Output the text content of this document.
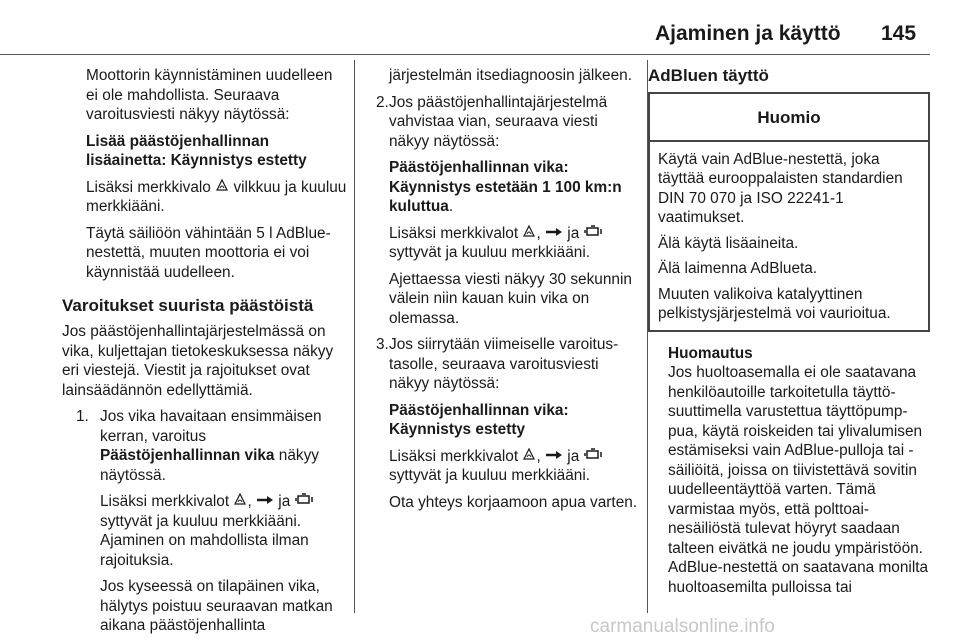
Ajaminen ja käyttö 145

Moottorin käynnistäminen uudelleen ei ole mahdollista. Seuraava varoitusviesti näkyy näytössä:

Lisää päästöjenhallinnan lisäainetta: Käynnistys estetty

Lisäksi merkkivalo vilkkuu ja kuuluu merkkiääni.

Täytä säiliöön vähintään 5 l AdBlue-nestettä, muuten moottoria ei voi käynnistää uudelleen.

Varoitukset suurista päästöistä

Jos päästöjenhallintajärjestelmässä on vika, kuljettajan tietokeskuksessa näkyy eri viestejä. Viestit ja rajoitukset ovat lainsäädännön edellyttämiä.

1. Jos vika havaitaan ensimmäisen kerran, varoitus Päästöjenhallinnan vika näkyy näytössä.

Lisäksi merkkivalot ,  ja  syttyvät ja kuuluu merkkiääni. Ajaminen on mahdollista ilman rajoituksia.

Jos kyseessä on tilapäinen vika, hälytys poistuu seuraavan matkan aikana päästöjenhallinta

järjestelmän itsediagnoosin jälkeen.

2. Jos päästöjenhallintajärjestelmä vahvistaa vian, seuraava viesti näkyy näytössä:

Päästöjenhallinnan vika: Käynnistys estetään 1 100 km:n kuluttua.

Lisäksi merkkivalot ,  ja  syttyvät ja kuuluu merkkiääni.

Ajettaessa viesti näkyy 30 sekunnin välein niin kauan kuin vika on olemassa.

3. Jos siirrytään viimeiselle varoitustasolle, seuraava varoitusviesti näkyy näytössä:

Päästöjenhallinnan vika: Käynnistys estetty

Lisäksi merkkivalot ,  ja  syttyvät ja kuuluu merkkiääni.

Ota yhteys korjaamoon apua varten.

AdBluen täyttö
Huomio

Käytä vain AdBlue-nestettä, joka täyttää eurooppalaisten standardien DIN 70 070 ja ISO 22241-1 vaatimukset.

Älä käytä lisäaineita.

Älä laimenna AdBlueta.

Muuten valikoiva katalyyttinen pelkistysjärjestelmä voi vaurioitua.

Huomautus
Jos huoltoasemalla ei ole saatavana henkilöautoille tarkoitetulla täyttösuuttimella varustettua täyttöpumppua, käytä roiskeiden tai ylivalumisen estämiseksi vain AdBlue-pulloja tai -säiliöitä, joissa on tiivistettävä sovitin uudelleentäyttöä varten. Tämä varmistaa myös, että polttoainesäiliöstä tulevat höyryt saadaan talteen eivätkä ne joudu ympäristöön. AdBlue-nestettä on saatavana monilta huoltoasemilta pulloissa tai
carmanualsonline.info
